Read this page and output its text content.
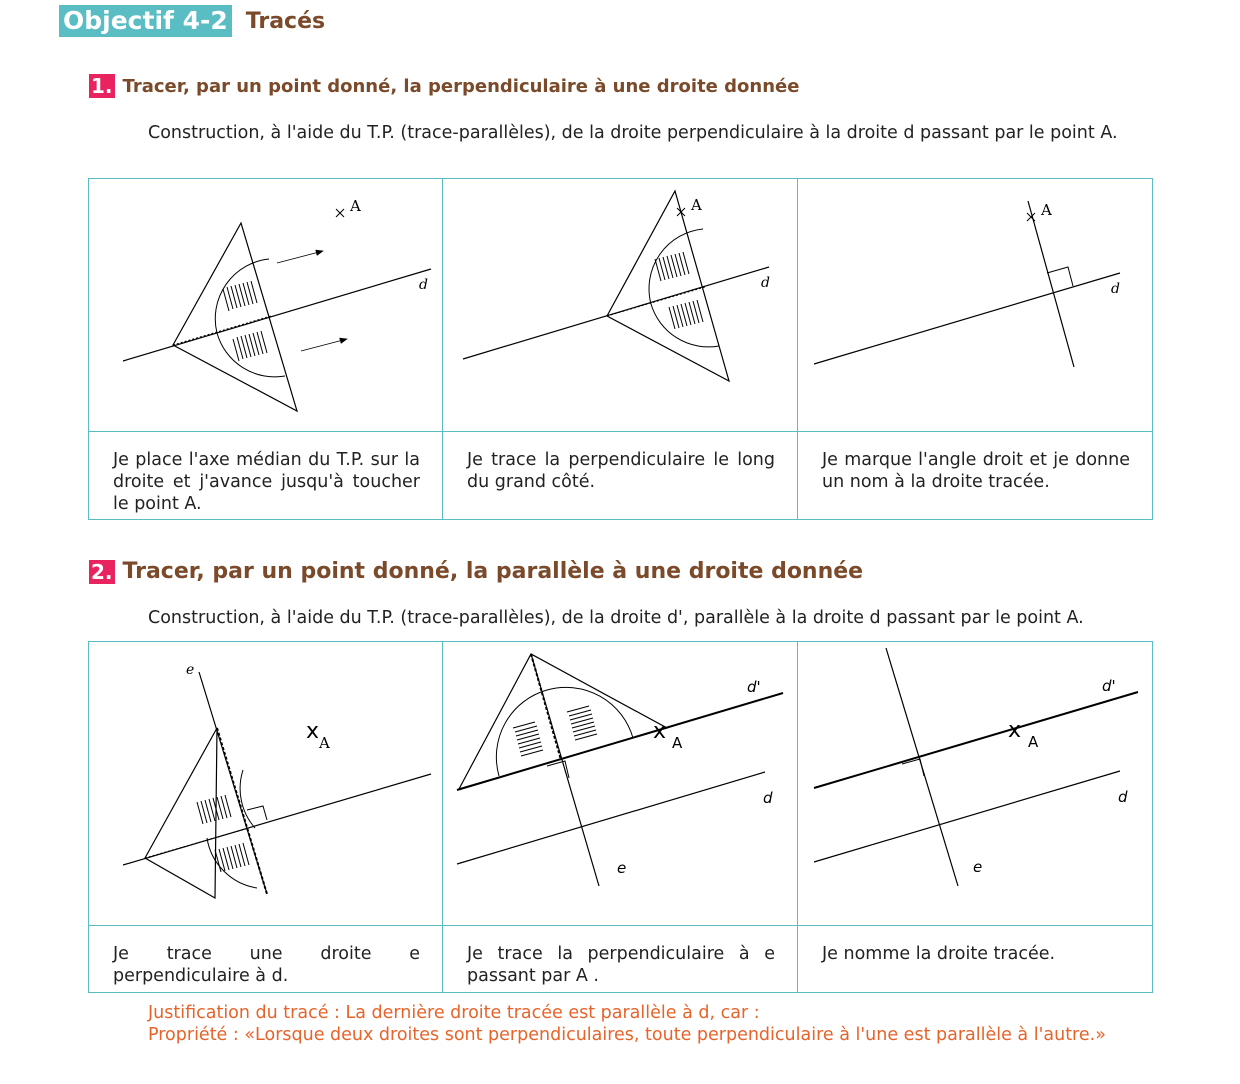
Objectif 4-2 Tracés
1. Tracer, par un point donné, la perpendiculaire à une droite donnée
Construction, à l'aide du T.P. (trace-parallèles), de la droite perpendiculaire à la droite d passant par le point A.
A
d	A
d	A
d

Je place l'axe médian du T.P. sur la droite et j'avance jusqu'à toucher le point A.	Je trace la perpendiculaire le long du grand côté.	Je marque l'angle droit et je donne un nom à la droite tracée.
2. Tracer, par un point donné, la parallèle à une droite donnée
Construction, à l'aide du T.P. (trace-parallèles), de la droite d', parallèle à la droite d passant par le point A.
e
x A	d'
x A
d
e	d'
x A
d
e

Je trace une droite e perpendiculaire à d.	Je trace la perpendiculaire à e passant par A .	Je nomme la droite tracée.
Justification du tracé : La dernière droite tracée est parallèle à d, car :
Propriété : «Lorsque deux droites sont perpendiculaires, toute perpendiculaire à l'une est parallèle à l'autre.»
